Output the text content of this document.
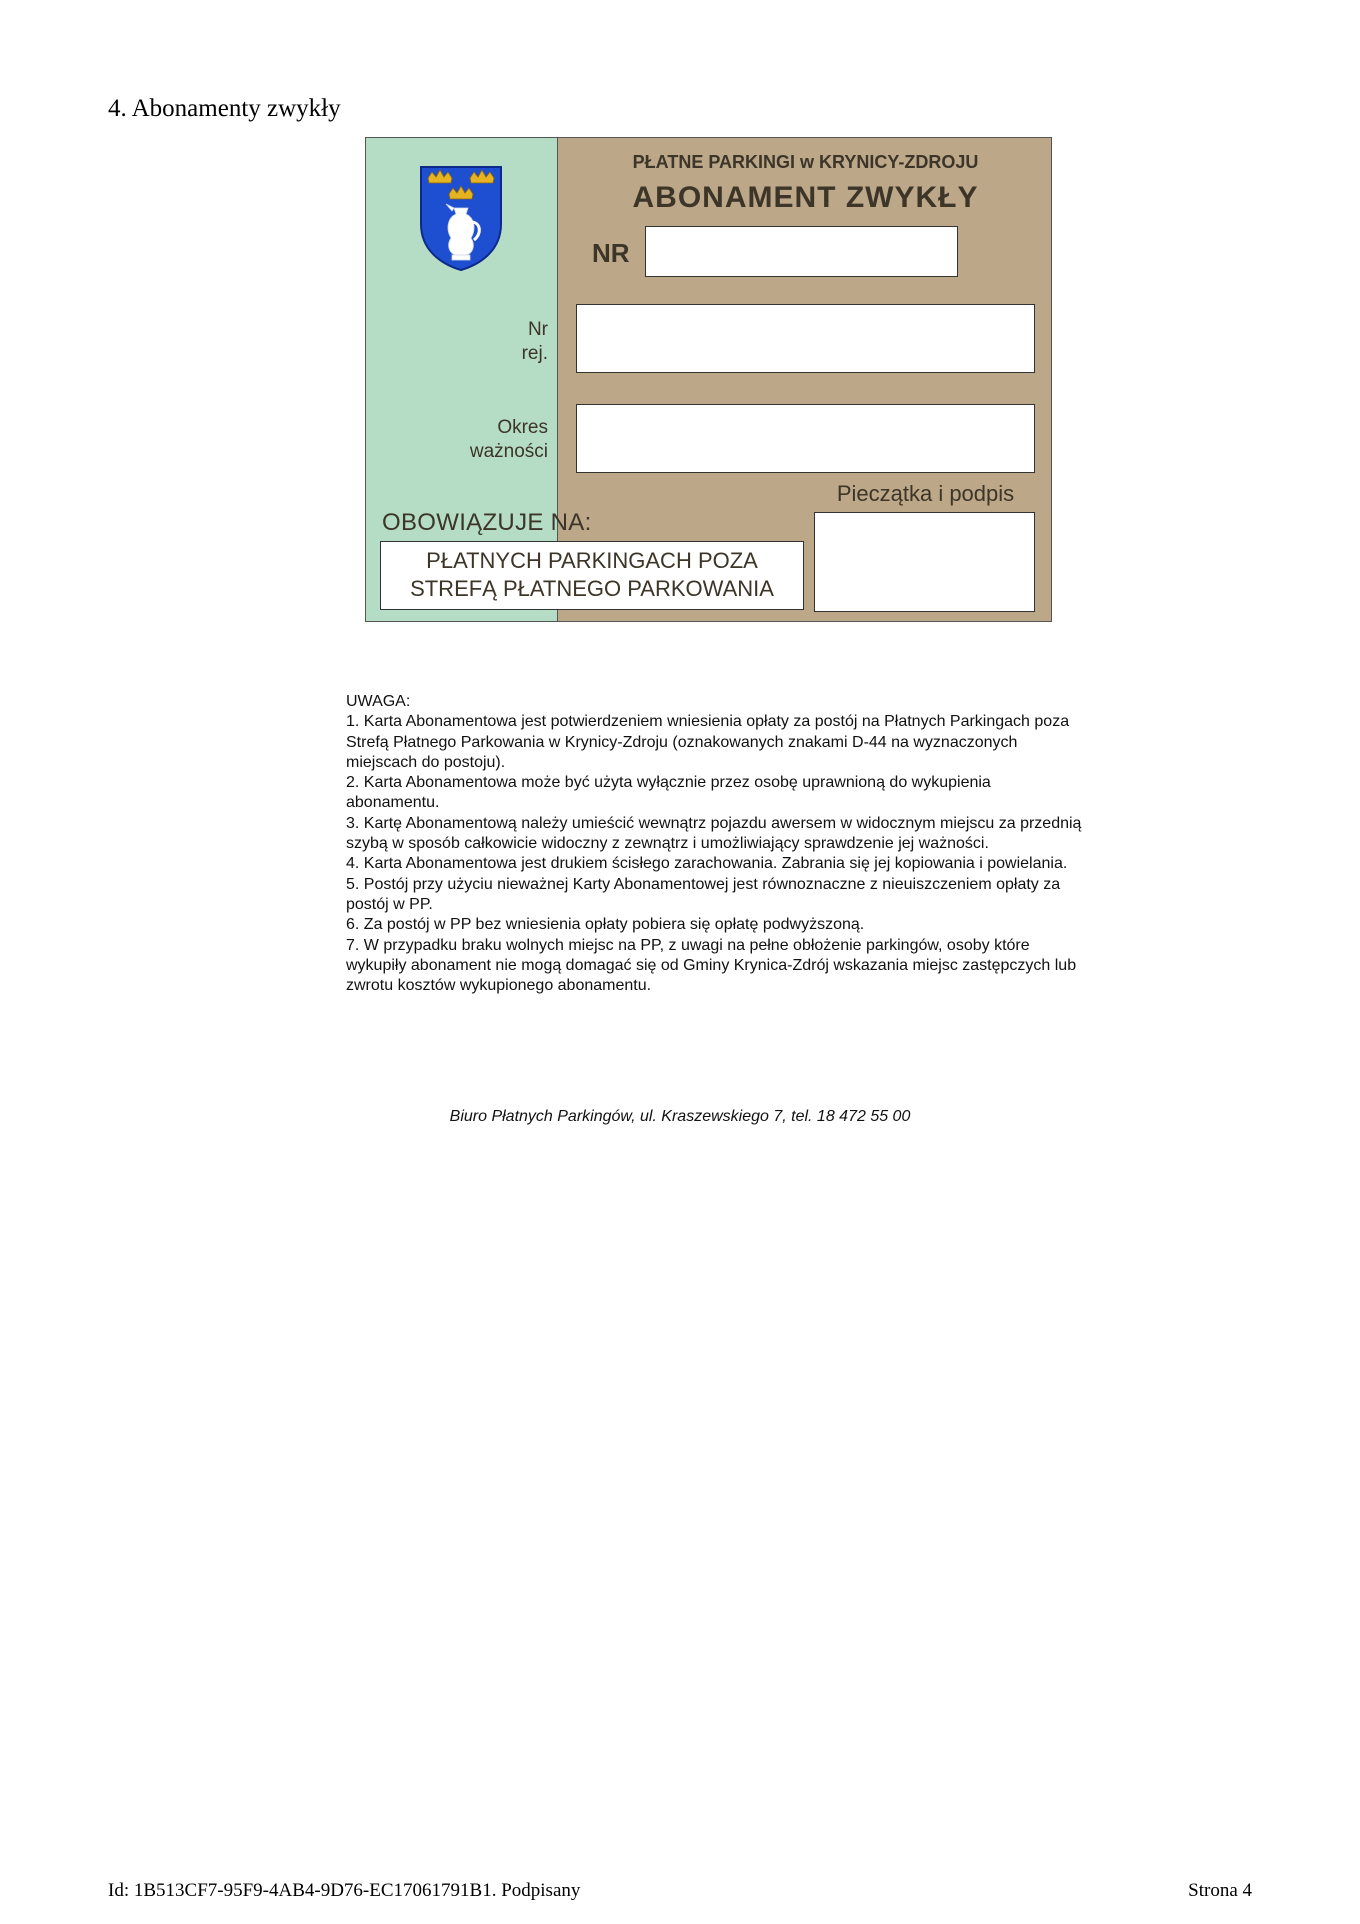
4. Abonamenty zwykły
PŁATNE PARKINGI w KRYNICY-ZDROJU
ABONAMENT ZWYKŁY
NR
Nr
rej.
Okres
ważności
Pieczątka i podpis
OBOWIĄZUJE NA:
PŁATNYCH PARKINGACH POZA
STREFĄ PŁATNEGO PARKOWANIA

UWAGA:

1. Karta Abonamentowa jest potwierdzeniem wniesienia opłaty za postój na Płatnych Parkingach poza Strefą Płatnego Parkowania w Krynicy-Zdroju (oznakowanych znakami D-44 na wyznaczonych miejscach do postoju).

2. Karta Abonamentowa może być użyta wyłącznie przez osobę uprawnioną do wykupienia abonamentu.

3. Kartę Abonamentową należy umieścić wewnątrz pojazdu awersem w widocznym miejscu za przednią szybą w sposób całkowicie widoczny z zewnątrz i umożliwiający sprawdzenie jej ważności.

4. Karta Abonamentowa jest drukiem ścisłego zarachowania. Zabrania się jej kopiowania i powielania.

5. Postój przy użyciu nieważnej Karty Abonamentowej jest równoznaczne z nieuiszczeniem opłaty za postój w PP.

6. Za postój w PP bez wniesienia opłaty pobiera się opłatę podwyższoną.

7. W przypadku braku wolnych miejsc na PP, z uwagi na pełne obłożenie parkingów, osoby które wykupiły abonament nie mogą domagać się od Gminy Krynica-Zdrój wskazania miejsc zastępczych lub zwrotu kosztów wykupionego abonamentu.

Biuro Płatnych Parkingów, ul. Kraszewskiego 7, tel. 18 472 55 00
Id: 1B513CF7-95F9-4AB4-9D76-EC17061791B1. Podpisany	Strona 4
